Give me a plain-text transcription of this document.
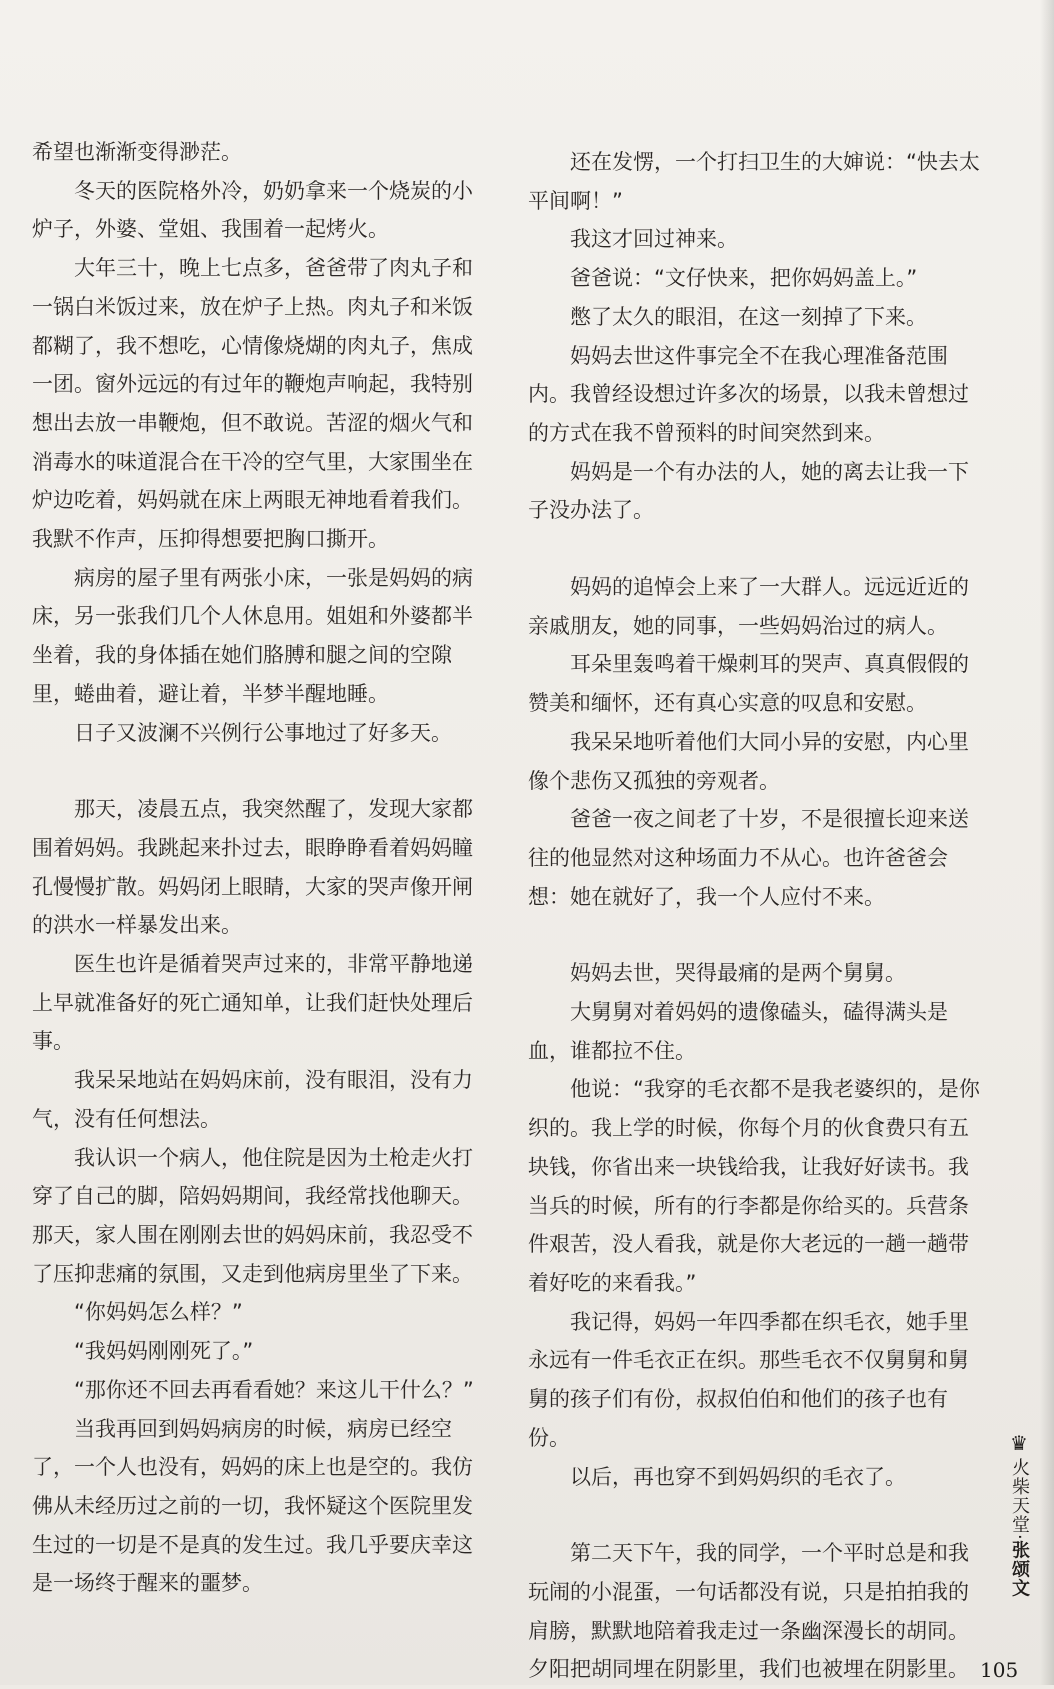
希望也渐渐变得渺茫。

冬天的医院格外冷，奶奶拿来一个烧炭的小炉子，外婆、堂姐、我围着一起烤火。

大年三十，晚上七点多，爸爸带了肉丸子和一锅白米饭过来，放在炉子上热。肉丸子和米饭都糊了，我不想吃，心情像烧煳的肉丸子，焦成一团。窗外远远的有过年的鞭炮声响起，我特别想出去放一串鞭炮，但不敢说。苦涩的烟火气和消毒水的味道混合在干冷的空气里，大家围坐在炉边吃着，妈妈就在床上两眼无神地看着我们。我默不作声，压抑得想要把胸口撕开。

病房的屋子里有两张小床，一张是妈妈的病床，另一张我们几个人休息用。姐姐和外婆都半坐着，我的身体插在她们胳膊和腿之间的空隙里，蜷曲着，避让着，半梦半醒地睡。

日子又波澜不兴例行公事地过了好多天。

那天，凌晨五点，我突然醒了，发现大家都围着妈妈。我跳起来扑过去，眼睁睁看着妈妈瞳孔慢慢扩散。妈妈闭上眼睛，大家的哭声像开闸的洪水一样暴发出来。

医生也许是循着哭声过来的，非常平静地递上早就准备好的死亡通知单，让我们赶快处理后事。

我呆呆地站在妈妈床前，没有眼泪，没有力气，没有任何想法。

我认识一个病人，他住院是因为土枪走火打穿了自己的脚，陪妈妈期间，我经常找他聊天。那天，家人围在刚刚去世的妈妈床前，我忍受不了压抑悲痛的氛围，又走到他病房里坐了下来。

“你妈妈怎么样？”

“我妈妈刚刚死了。”

“那你还不回去再看看她？来这儿干什么？”

当我再回到妈妈病房的时候，病房已经空了，一个人也没有，妈妈的床上也是空的。我仿佛从未经历过之前的一切，我怀疑这个医院里发生过的一切是不是真的发生过。我几乎要庆幸这是一场终于醒来的噩梦。

还在发愣，一个打扫卫生的大婶说：“快去太平间啊！”

我这才回过神来。

爸爸说：“文仔快来，把你妈妈盖上。”

憋了太久的眼泪，在这一刻掉了下来。

妈妈去世这件事完全不在我心理准备范围内。我曾经设想过许多次的场景，以我未曾想过的方式在我不曾预料的时间突然到来。

妈妈是一个有办法的人，她的离去让我一下子没办法了。

妈妈的追悼会上来了一大群人。远远近近的亲戚朋友，她的同事，一些妈妈治过的病人。

耳朵里轰鸣着干燥刺耳的哭声、真真假假的赞美和缅怀，还有真心实意的叹息和安慰。

我呆呆地听着他们大同小异的安慰，内心里像个悲伤又孤独的旁观者。

爸爸一夜之间老了十岁，不是很擅长迎来送往的他显然对这种场面力不从心。也许爸爸会想：她在就好了，我一个人应付不来。

妈妈去世，哭得最痛的是两个舅舅。

大舅舅对着妈妈的遗像磕头，磕得满头是血，谁都拉不住。

他说：“我穿的毛衣都不是我老婆织的，是你织的。我上学的时候，你每个月的伙食费只有五块钱，你省出来一块钱给我，让我好好读书。我当兵的时候，所有的行李都是你给买的。兵营条件艰苦，没人看我，就是你大老远的一趟一趟带着好吃的来看我。”

我记得，妈妈一年四季都在织毛衣，她手里永远有一件毛衣正在织。那些毛衣不仅舅舅和舅舅的孩子们有份，叔叔伯伯和他们的孩子也有份。

以后，再也穿不到妈妈织的毛衣了。

第二天下午，我的同学，一个平时总是和我玩闹的小混蛋，一句话都没有说，只是拍拍我的肩膀，默默地陪着我走过一条幽深漫长的胡同。夕阳把胡同埋在阴影里，我们也被埋在阴影里。

♛
火柴天堂·张颂文
105
